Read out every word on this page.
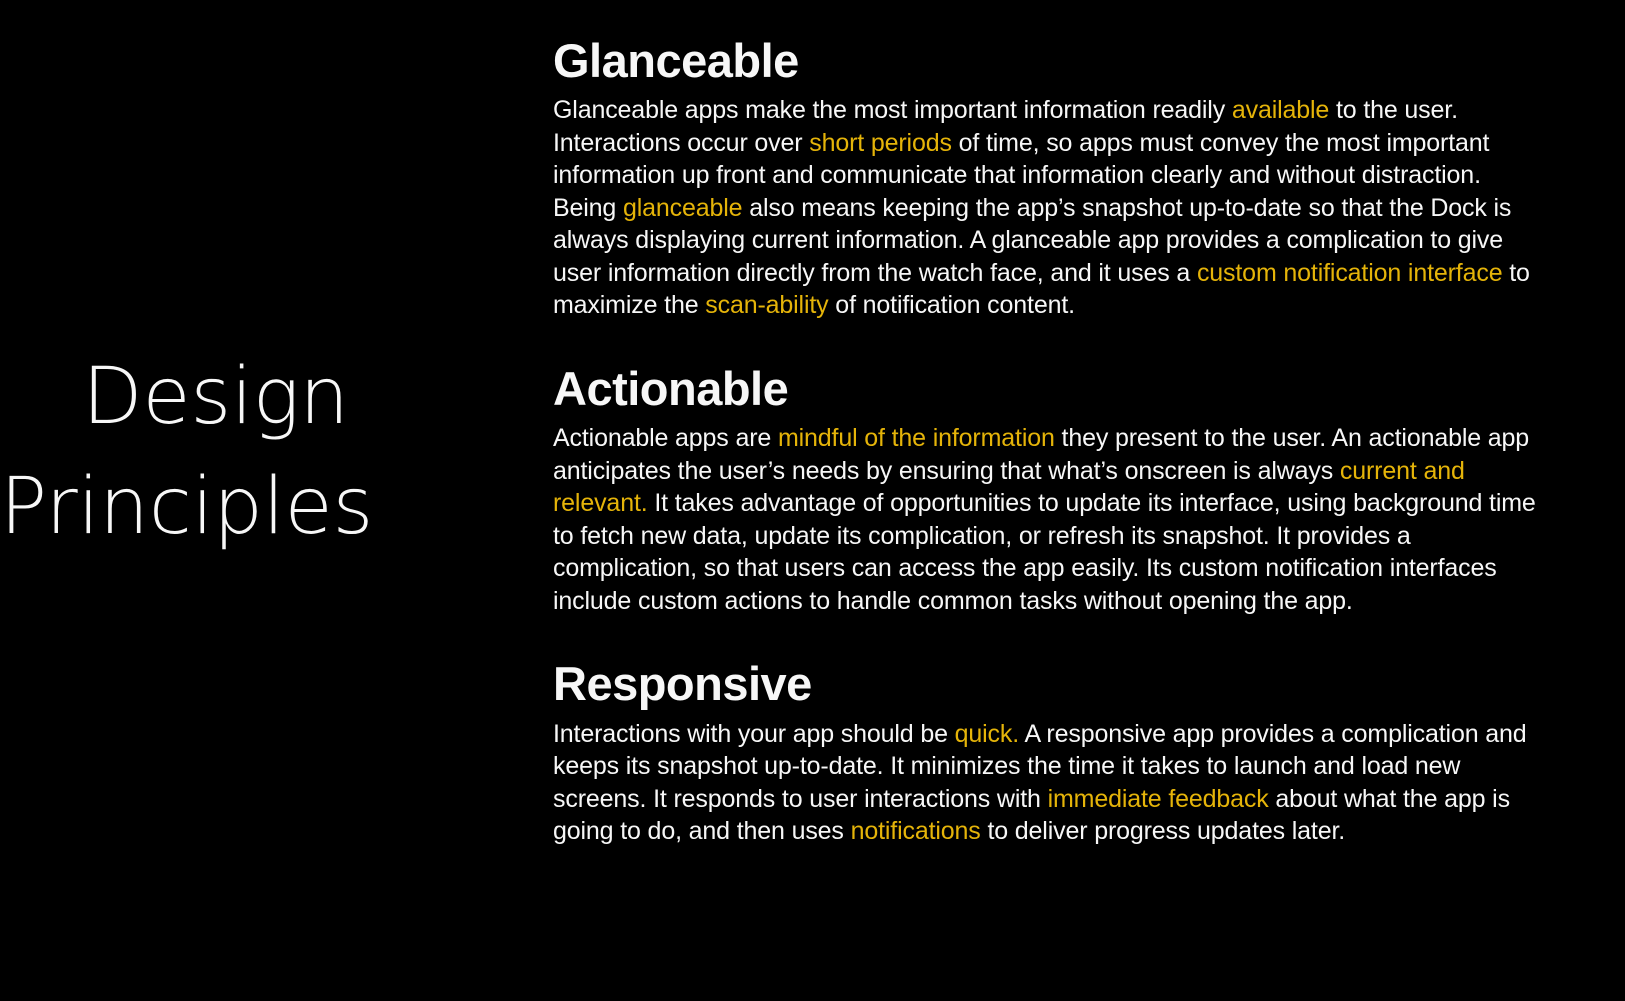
Design
Principles
Glanceable

Glanceable apps make the most important information readily available to the user. Interactions occur over short periods of time, so apps must convey the most important information up front and communicate that information clearly and without distraction. Being glanceable also means keeping the app’s snapshot up-to-date so that the Dock is always displaying current information. A glanceable app provides a complication to give user information directly from the watch face, and it uses a custom notification interface to maximize the scan-ability of notification content.

Actionable

Actionable apps are mindful of the information they present to the user. An actionable app anticipates the user’s needs by ensuring that what’s onscreen is always current and relevant. It takes advantage of opportunities to update its interface, using background time to fetch new data, update its complication, or refresh its snapshot. It provides a complication, so that users can access the app easily. Its custom notification interfaces include custom actions to handle common tasks without opening the app.

Responsive

Interactions with your app should be quick. A responsive app provides a complication and keeps its snapshot up-to-date. It minimizes the time it takes to launch and load new screens. It responds to user interactions with immediate feedback about what the app is going to do, and then uses notifications to deliver progress updates later.
